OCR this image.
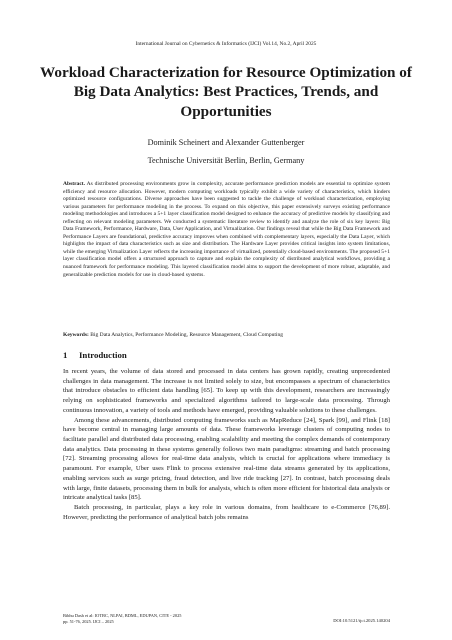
International Journal on Cybernetics & Informatics (IJCI) Vol.14, No.2, April 2025
Workload Characterization for Resource Optimization of Big Data Analytics: Best Practices, Trends, and Opportunities
Dominik Scheinert and Alexander Guttenberger
Technische Universität Berlin, Berlin, Germany
Abstract. As distributed processing environments grow in complexity, accurate performance prediction models are essential to optimize system efficiency and resource allocation. However, modern computing workloads typically exhibit a wide variety of characteristics, which hinders optimized resource configurations. Diverse approaches have been suggested to tackle the challenge of workload characterization, employing various parameters for performance modeling in the process. To expand on this objective, this paper extensively surveys existing performance modeling methodologies and introduces a 5+1 layer classification model designed to enhance the accuracy of predictive models by classifying and reflecting on relevant modeling parameters. We conducted a systematic literature review to identify and analyze the role of six key layers: Big Data Framework, Performance, Hardware, Data, User Application, and Virtualization. Our findings reveal that while the Big Data Framework and Performance Layers are foundational, predictive accuracy improves when combined with complementary layers, especially the Data Layer, which highlights the impact of data characteristics such as size and distribution. The Hardware Layer provides critical insights into system limitations, while the emerging Virtualization Layer reflects the increasing importance of virtualized, potentially cloud-based environments. The proposed 5+1 layer classification model offers a structured approach to capture and explain the complexity of distributed analytical workflows, providing a nuanced framework for performance modeling. This layered classification model aims to support the development of more robust, adaptable, and generalizable prediction models for use in cloud-based systems.
Keywords: Big Data Analytics, Performance Modeling, Resource Management, Cloud Computing
1 Introduction

In recent years, the volume of data stored and processed in data centers has grown rapidly, creating unprecedented challenges in data management. The increase is not limited solely to size, but encompasses a spectrum of characteristics that introduce obstacles to efficient data handling [65]. To keep up with this development, researchers are increasingly relying on sophisticated frameworks and specialized algorithms tailored to large-scale data processing. Through continuous innovation, a variety of tools and methods have emerged, providing valuable solutions to these challenges.

Among these advancements, distributed computing frameworks such as MapReduce [24], Spark [99], and Flink [18] have become central in managing large amounts of data. These frameworks leverage clusters of computing nodes to facilitate parallel and distributed data processing, enabling scalability and meeting the complex demands of contemporary data analytics. Data processing in these systems generally follows two main paradigms: streaming and batch processing [72]. Streaming processing allows for real-time data analysis, which is crucial for applications where immediacy is paramount. For example, Uber uses Flink to process extensive real-time data streams generated by its applications, enabling services such as surge pricing, fraud detection, and live ride tracking [27]. In contrast, batch processing deals with large, finite datasets, processing them in bulk for analysis, which is often more efficient for historical data analysis or intricate analytical tasks [85].

Batch processing, in particular, plays a key role in various domains, from healthcare to e-Commerce [76,89]. However, predicting the performance of analytical batch jobs remains

Bibhu Dash et al: IOTBC, NLPAI, BDML, EDUPAN, CITE - 2025
pp. 51-76, 2025. IJCI – 2025	DOI:10.5121/ijci.2025.140204
